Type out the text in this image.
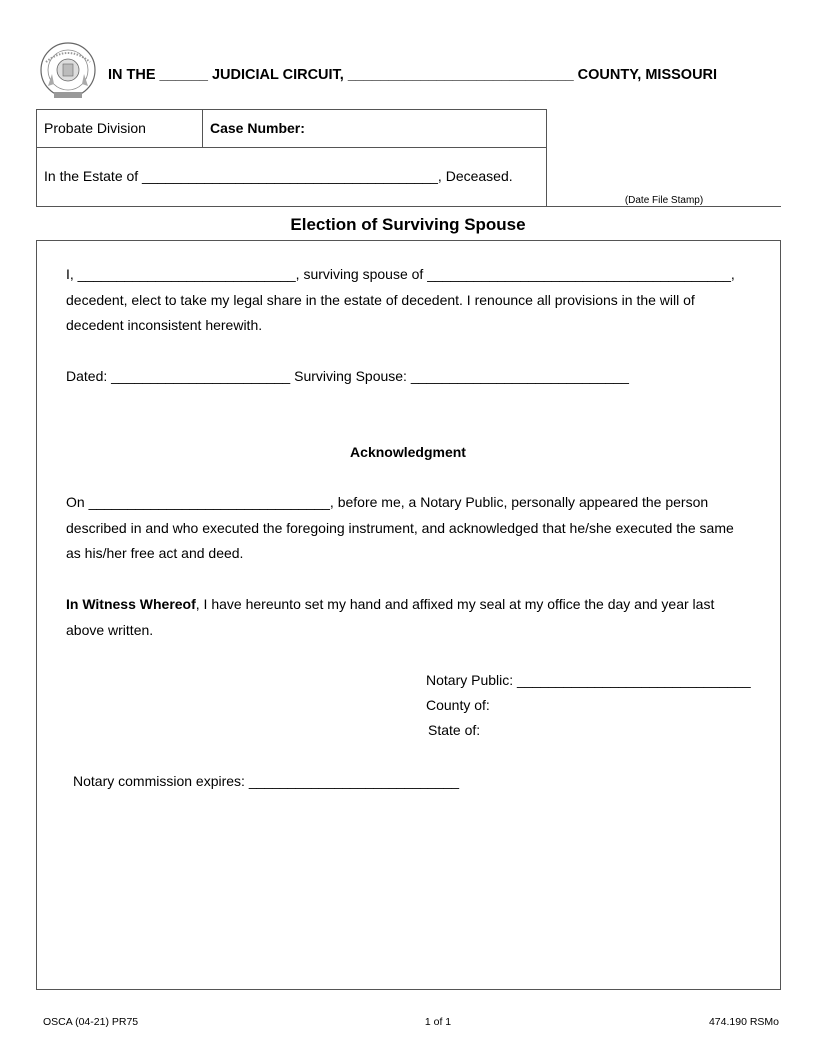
IN THE ______ JUDICIAL CIRCUIT, ____________________________ COUNTY, MISSOURI
Probate Division	Case Number:
In the Estate of ______________________________________, Deceased.
(Date File Stamp)
Election of Surviving Spouse
I, ____________________________, surviving spouse of _______________________________________,
decedent, elect to take my legal share in the estate of decedent. I renounce all provisions in the will of
decedent inconsistent herewith.
Dated: _______________________ Surviving Spouse: ____________________________
Acknowledgment
On _______________________________, before me, a Notary Public, personally appeared the person
described in and who executed the foregoing instrument, and acknowledged that he/she executed the same
as his/her free act and deed.
In Witness Whereof, I have hereunto set my hand and affixed my seal at my office the day and year last
above written.
Notary Public: ______________________________
County of:
State of:
Notary commission expires: ___________________________
OSCA (04-21) PR75	1 of 1	474.190 RSMo
